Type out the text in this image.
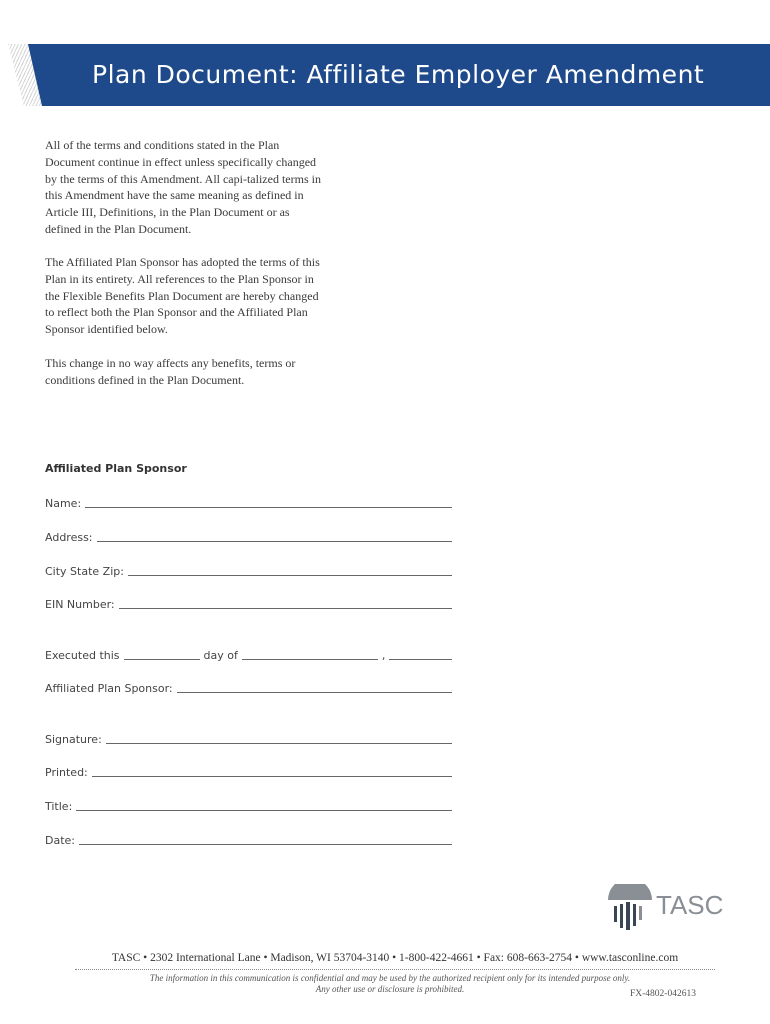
Plan Document: Affiliate Employer Amendment

All of the terms and conditions stated in the Plan Document continue in effect unless specifically changed by the terms of this Amendment. All capi-talized terms in this Amendment have the same meaning as defined in Article III, Definitions, in the Plan Document or as defined in the Plan Document.

The Affiliated Plan Sponsor has adopted the terms of this Plan in its entirety. All references to the Plan Sponsor in the Flexible Benefits Plan Document are hereby changed to reflect both the Plan Sponsor and the Affiliated Plan Sponsor identified below.

This change in no way affects any benefits, terms or conditions defined in the Plan Document.

Affiliated Plan Sponsor
Name:
Address:
City State Zip:
EIN Number:
Executed this	day of	,
Affiliated Plan Sponsor:
Signature:
Printed:
Title:
Date:
TASC
TASC • 2302 International Lane • Madison, WI 53704-3140 • 1-800-422-4661 • Fax: 608-663-2754 • www.tasconline.com
The information in this communication is confidential and may be used by the authorized recipient only for its intended purpose only.
Any other use or disclosure is prohibited.	FX-4802-042613
